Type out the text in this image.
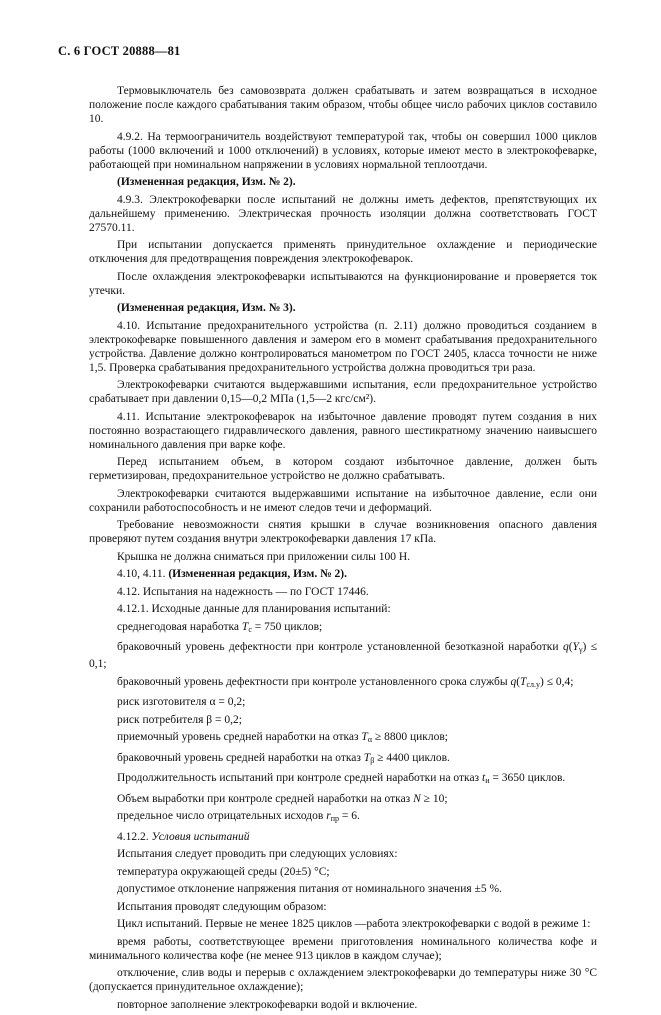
С. 6 ГОСТ 20888—81

Термовыключатель без самовозврата должен срабатывать и затем возвращаться в исходное положение после каждого срабатывания таким образом, чтобы общее число рабочих циклов составило 10.

4.9.2. На термоограничитель воздействуют температурой так, чтобы он совершил 1000 циклов работы (1000 включений и 1000 отключений) в условиях, которые имеют место в электрокофеварке, работающей при номинальном напряжении в условиях нормальной теплоотдачи.

(Измененная редакция, Изм. № 2).

4.9.3. Электрокофеварки после испытаний не должны иметь дефектов, препятствующих их дальнейшему применению. Электрическая прочность изоляции должна соответствовать ГОСТ 27570.11.

При испытании допускается применять принудительное охлаждение и периодические отключения для предотвращения повреждения электрокофеварок.

После охлаждения электрокофеварки испытываются на функционирование и проверяется ток утечки.

(Измененная редакция, Изм. № 3).

4.10. Испытание предохранительного устройства (п. 2.11) должно проводиться созданием в электрокофеварке повышенного давления и замером его в момент срабатывания предохранительного устройства. Давление должно контролироваться манометром по ГОСТ 2405, класса точности не ниже 1,5. Проверка срабатывания предохранительного устройства должна проводиться три раза.

Электрокофеварки считаются выдержавшими испытания, если предохранительное устройство срабатывает при давлении 0,15—0,2 МПа (1,5—2 кгс/см²).

4.11. Испытание электрокофеварок на избыточное давление проводят путем создания в них постоянно возрастающего гидравлического давления, равного шестикратному значению наивысшего номинального давления при варке кофе.

Перед испытанием объем, в котором создают избыточное давление, должен быть герметизирован, предохранительное устройство не должно срабатывать.

Электрокофеварки считаются выдержавшими испытание на избыточное давление, если они сохранили работоспособность и не имеют следов течи и деформаций.

Требование невозможности снятия крышки в случае возникновения опасного давления проверяют путем создания внутри электрокофеварки давления 17 кПа.

Крышка не должна сниматься при приложении силы 100 Н.

4.10, 4.11. (Измененная редакция, Изм. № 2).

4.12. Испытания на надежность — по ГОСТ 17446.

4.12.1. Исходные данные для планирования испытаний:

среднегодовая наработка $T_c = 750$ циклов;

браковочный уровень дефектности при контроле установленной безотказной наработки $q(Y_\gamma) \le 0,1$;

браковочный уровень дефектности при контроле установленного срока службы $q(T_{сл.у}) \le 0,4$;

риск изготовителя α = 0,2;

риск потребителя β = 0,2;

приемочный уровень средней наработки на отказ $T_\alpha \ge 8800$ циклов;

браковочный уровень средней наработки на отказ $T_\beta \ge 4400$ циклов.

Продолжительность испытаний при контроле средней наработки на отказ $t_и = 3650$ циклов.

Объем выработки при контроле средней наработки на отказ N ≥ 10;

предельное число отрицательных исходов $r_{пр} = 6$.

4.12.2. Условия испытаний

Испытания следует проводить при следующих условиях:

температура окружающей среды (20±5) °С;

допустимое отклонение напряжения питания от номинального значения ±5 %.

Испытания проводят следующим образом:

Цикл испытаний. Первые не менее 1825 циклов —работа электрокофеварки с водой в режиме 1:

время работы, соответствующее времени приготовления номинального количества кофе и минимального количества кофе (не менее 913 циклов в каждом случае);

отключение, слив воды и перерыв с охлаждением электрокофеварки до температуры ниже 30 °С (допускается принудительное охлаждение);

повторное заполнение электрокофеварки водой и включение.
